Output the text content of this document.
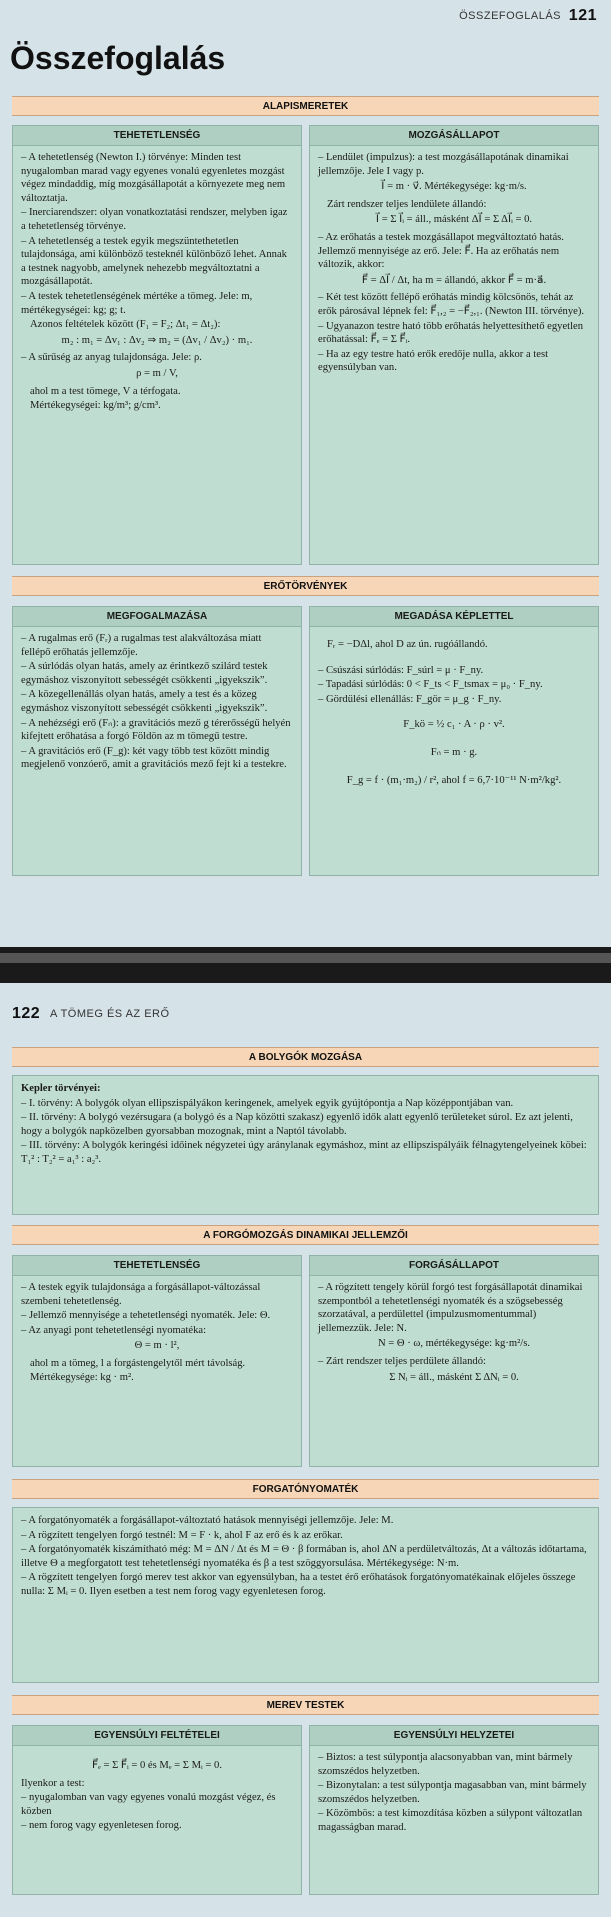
ÖSSZEFOGLALÁS 121
Összefoglalás
ALAPISMERETEK
TEHETETLENSÉG

– A tehetetlenség (Newton I.) törvénye: Minden test nyugalomban marad vagy egyenes vonalú egyenletes mozgást végez mindaddig, míg mozgásállapotát a környezete meg nem változtatja.

– Inerciarendszer: olyan vonatkoztatási rendszer, melyben igaz a tehetetlenség törvénye.

– A tehetetlenség a testek egyik megszüntethetetlen tulajdonsága, ami különböző testeknél különböző lehet. Annak a testnek nagyobb, amelynek nehezebb megváltoztatni a mozgásállapotát.

– A testek tehetetlenségének mértéke a tömeg. Jele: m, mértékegységei: kg; g; t.

Azonos feltételek között (F₁ = F₂; Δt₁ = Δt₂):

m₂ : m₁ = Δv₁ : Δv₂ ⇒ m₂ = (Δv₁ / Δv₂) · m₁.

– A sűrűség az anyag tulajdonsága. Jele: ρ.

ρ = m / V,

ahol m a test tömege, V a térfogata.

Mértékegységei: kg/m³; g/cm³.

MOZGÁSÁLLAPOT

– Lendület (impulzus): a test mozgásállapotának dinamikai jellemzője. Jele I vagy p.

I⃗ = m · v⃗. Mértékegysége: kg·m/s.

Zárt rendszer teljes lendülete állandó:

I⃗ = Σ I⃗ᵢ = áll., másként ΔI⃗ = Σ ΔI⃗ᵢ = 0.

– Az erőhatás a testek mozgásállapot megváltoztató hatás. Jellemző mennyisége az erő. Jele: F⃗. Ha az erőhatás nem változik, akkor:

F⃗ = ΔI⃗ / Δt, ha m = állandó, akkor F⃗ = m·a⃗.

– Két test között fellépő erőhatás mindig kölcsönös, tehát az erők párosával lépnek fel: F⃗₁,₂ = −F⃗₂,₁. (Newton III. törvénye).

– Ugyanazon testre ható több erőhatás helyettesíthető egyetlen erőhatással: F⃗ₑ = Σ F⃗ᵢ.

– Ha az egy testre ható erők eredője nulla, akkor a test egyensúlyban van.

ERŐTÖRVÉNYEK
MEGFOGALMAZÁSA

– A rugalmas erő (Fᵣ) a rugalmas test alakváltozása miatt fellépő erőhatás jellemzője.

– A súrlódás olyan hatás, amely az érintkező szilárd testek egymáshoz viszonyított sebességét csökkenti „igyekszik”.

– A közegellenállás olyan hatás, amely a test és a közeg egymáshoz viszonyított sebességét csökkenti „igyekszik”.

– A nehézségi erő (Fₙ): a gravitációs mező g térerősségű helyén kifejtett erőhatása a forgó Földön az m tömegű testre.

– A gravitációs erő (F_g): két vagy több test között mindig megjelenő vonzóerő, amit a gravitációs mező fejt ki a testekre.

MEGADÁSA KÉPLETTEL

Fᵣ = −DΔl, ahol D az ún. rugóállandó.

– Csúszási súrlódás: F_súrl = μ · F_ny.

– Tapadási súrlódás: 0 < F_ts < F_tsmax = μ₀ · F_ny.

– Gördülési ellenállás: F_gör = μ_g · F_ny.

F_kö = ½ c₁ · A · ρ · v².

Fₙ = m · g.

F_g = f · (m₁·m₂) / r², ahol f = 6,7·10⁻¹¹ N·m²/kg².

122 A TÖMEG ÉS AZ ERŐ
A BOLYGÓK MOZGÁSA

Kepler törvényei:

– I. törvény: A bolygók olyan ellipszispályákon keringenek, amelyek egyik gyújtópontja a Nap középpontjában van.

– II. törvény: A bolygó vezérsugara (a bolygó és a Nap közötti szakasz) egyenlő idők alatt egyenlő területeket súrol. Ez azt jelenti, hogy a bolygók napközelben gyorsabban mozognak, mint a Naptól távolabb.

– III. törvény: A bolygók keringési időinek négyzetei úgy aránylanak egymáshoz, mint az ellipszispályáik félnagytengelyeinek köbei: T₁² : T₂² = a₁³ : a₂³.

A FORGÓMOZGÁS DINAMIKAI JELLEMZŐI
TEHETETLENSÉG

– A testek egyik tulajdonsága a forgásállapot-változással szembeni tehetetlenség.

– Jellemző mennyisége a tehetetlenségi nyomaték. Jele: Θ.

– Az anyagi pont tehetetlenségi nyomatéka:

Θ = m · l²,

ahol m a tömeg, l a forgástengelytől mért távolság. Mértékegysége: kg · m².

FORGÁSÁLLAPOT

– A rögzített tengely körül forgó test forgásállapotát dinamikai szempontból a tehetetlenségi nyomaték és a szögsebesség szorzatával, a perdülettel (impulzusmomentummal) jellemezzük. Jele: N.

N = Θ · ω, mértékegysége: kg·m²/s.

– Zárt rendszer teljes perdülete állandó:

Σ Nᵢ = áll., másként Σ ΔNᵢ = 0.

FORGATÓNYOMATÉK

– A forgatónyomaték a forgásállapot-változtató hatások mennyiségi jellemzője. Jele: M.

– A rögzített tengelyen forgó testnél: M = F · k, ahol F az erő és k az erőkar.

– A forgatónyomaték kiszámítható még: M = ΔN / Δt és M = Θ · β formában is, ahol ΔN a perdületváltozás, Δt a változás időtartama, illetve Θ a megforgatott test tehetetlenségi nyomatéka és β a test szöggyorsulása. Mértékegysége: N·m.

– A rögzített tengelyen forgó merev test akkor van egyensúlyban, ha a testet érő erőhatások forgatónyomatékainak előjeles összege nulla: Σ Mᵢ = 0. Ilyen esetben a test nem forog vagy egyenletesen forog.

MEREV TESTEK
EGYENSÚLYI FELTÉTELEI

F⃗ₑ = Σ F⃗ᵢ = 0 és Mₑ = Σ Mᵢ = 0.

Ilyenkor a test:

– nyugalomban van vagy egyenes vonalú mozgást végez, és közben

– nem forog vagy egyenletesen forog.

EGYENSÚLYI HELYZETEI

– Biztos: a test súlypontja alacsonyabban van, mint bármely szomszédos helyzetben.

– Bizonytalan: a test súlypontja magasabban van, mint bármely szomszédos helyzetben.

– Közömbös: a test kimozdítása közben a súlypont változatlan magasságban marad.
